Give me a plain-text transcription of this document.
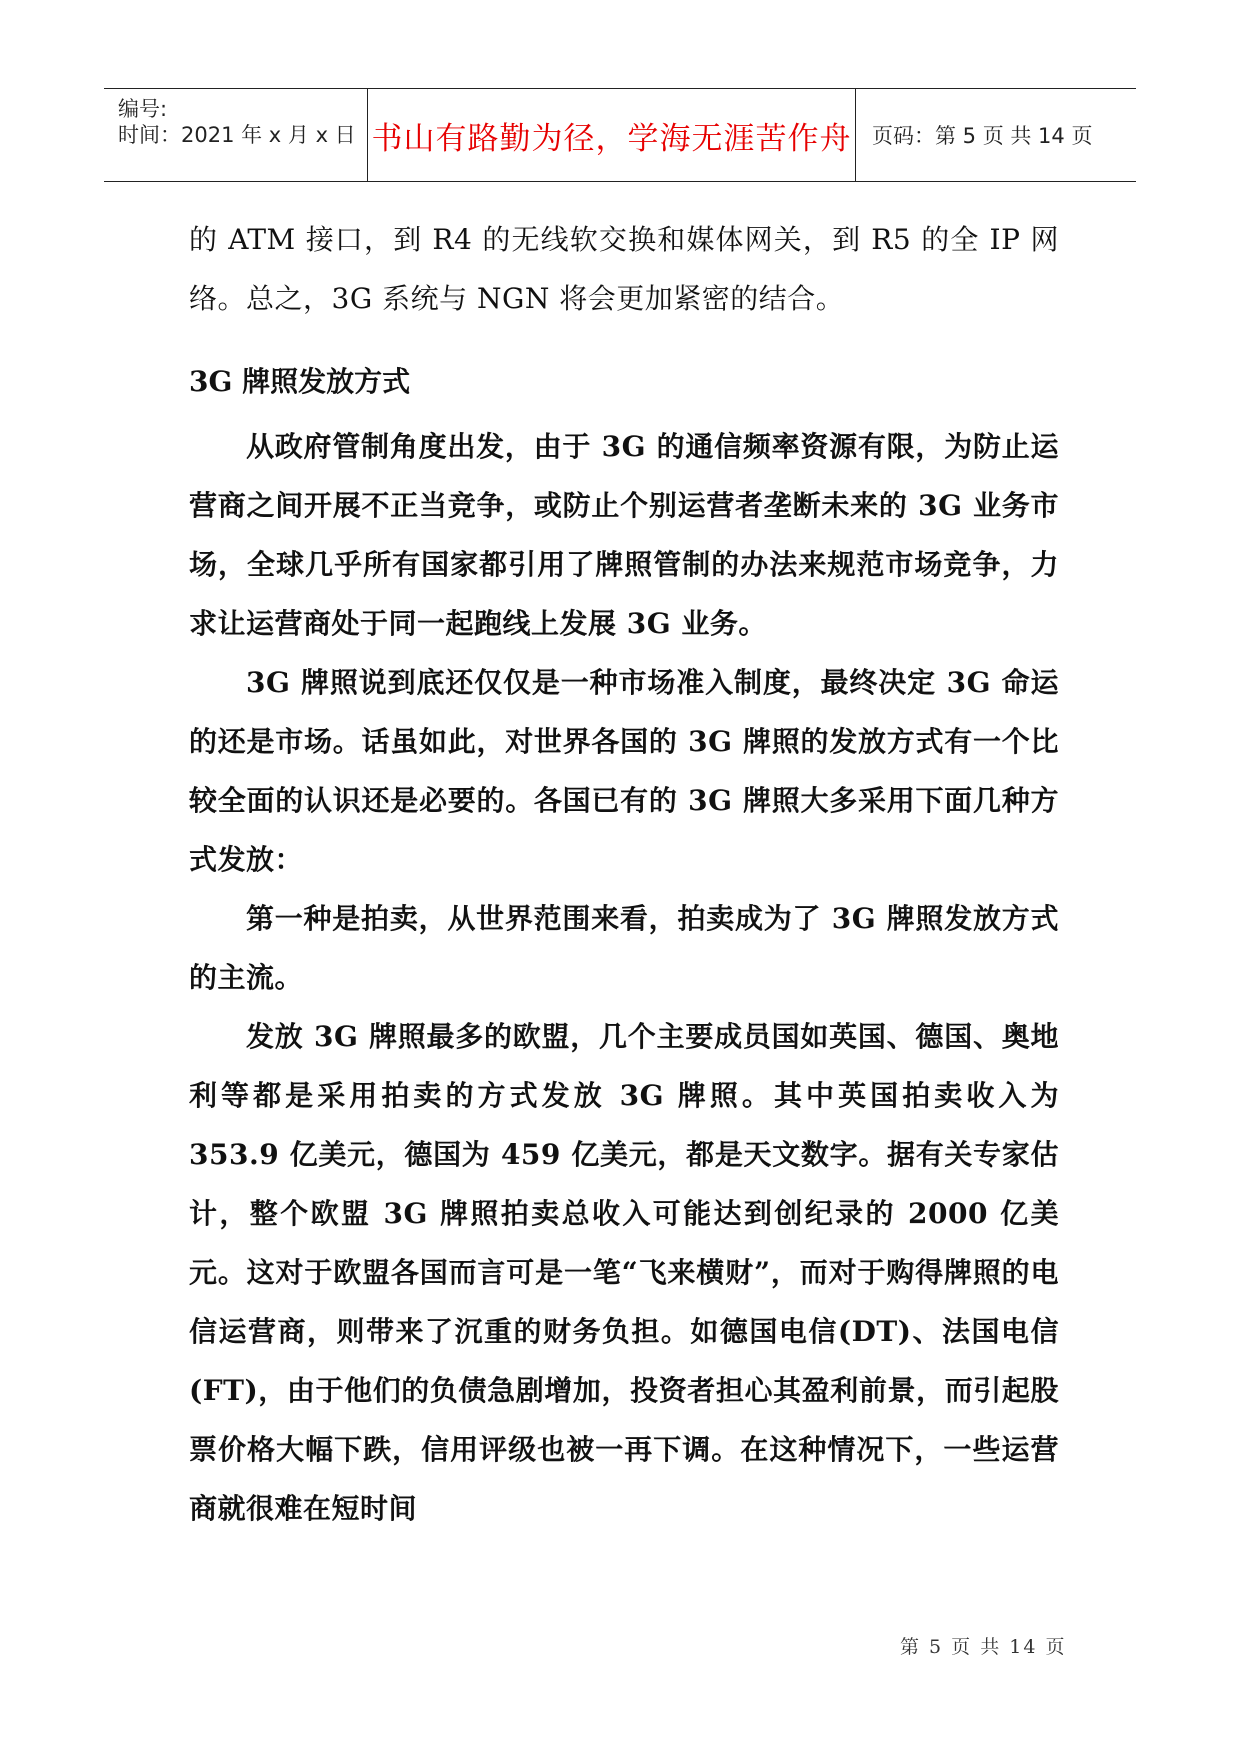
编号:
时间：2021 年 x 月 x 日 书山有路勤为径，学海无涯苦作舟 页码：第 5 页 共 14 页

的 ATM 接口，到 R4 的无线软交换和媒体网关，到 R5 的全 IP 网络。总之，3G 系统与 NGN 将会更加紧密的结合。

3G 牌照发放方式

从政府管制角度出发，由于 3G 的通信频率资源有限，为防止运营商之间开展不正当竞争，或防止个别运营者垄断未来的 3G 业务市场，全球几乎所有国家都引用了牌照管制的办法来规范市场竞争，力求让运营商处于同一起跑线上发展 3G 业务。

3G 牌照说到底还仅仅是一种市场准入制度，最终决定 3G 命运的还是市场。话虽如此，对世界各国的 3G 牌照的发放方式有一个比较全面的认识还是必要的。各国已有的 3G 牌照大多采用下面几种方式发放：

第一种是拍卖，从世界范围来看，拍卖成为了 3G 牌照发放方式的主流。

发放 3G 牌照最多的欧盟，几个主要成员国如英国、德国、奥地利等都是采用拍卖的方式发放 3G 牌照。其中英国拍卖收入为 353.9 亿美元，德国为 459 亿美元，都是天文数字。据有关专家估计，整个欧盟 3G 牌照拍卖总收入可能达到创纪录的 2000 亿美元。这对于欧盟各国而言可是一笔“飞来横财”，而对于购得牌照的电信运营商，则带来了沉重的财务负担。如德国电信(DT)、法国电信(FT)，由于他们的负债急剧增加，投资者担心其盈利前景，而引起股票价格大幅下跌，信用评级也被一再下调。在这种情况下，一些运营商就很难在短时间

第 5 页 共 14 页
